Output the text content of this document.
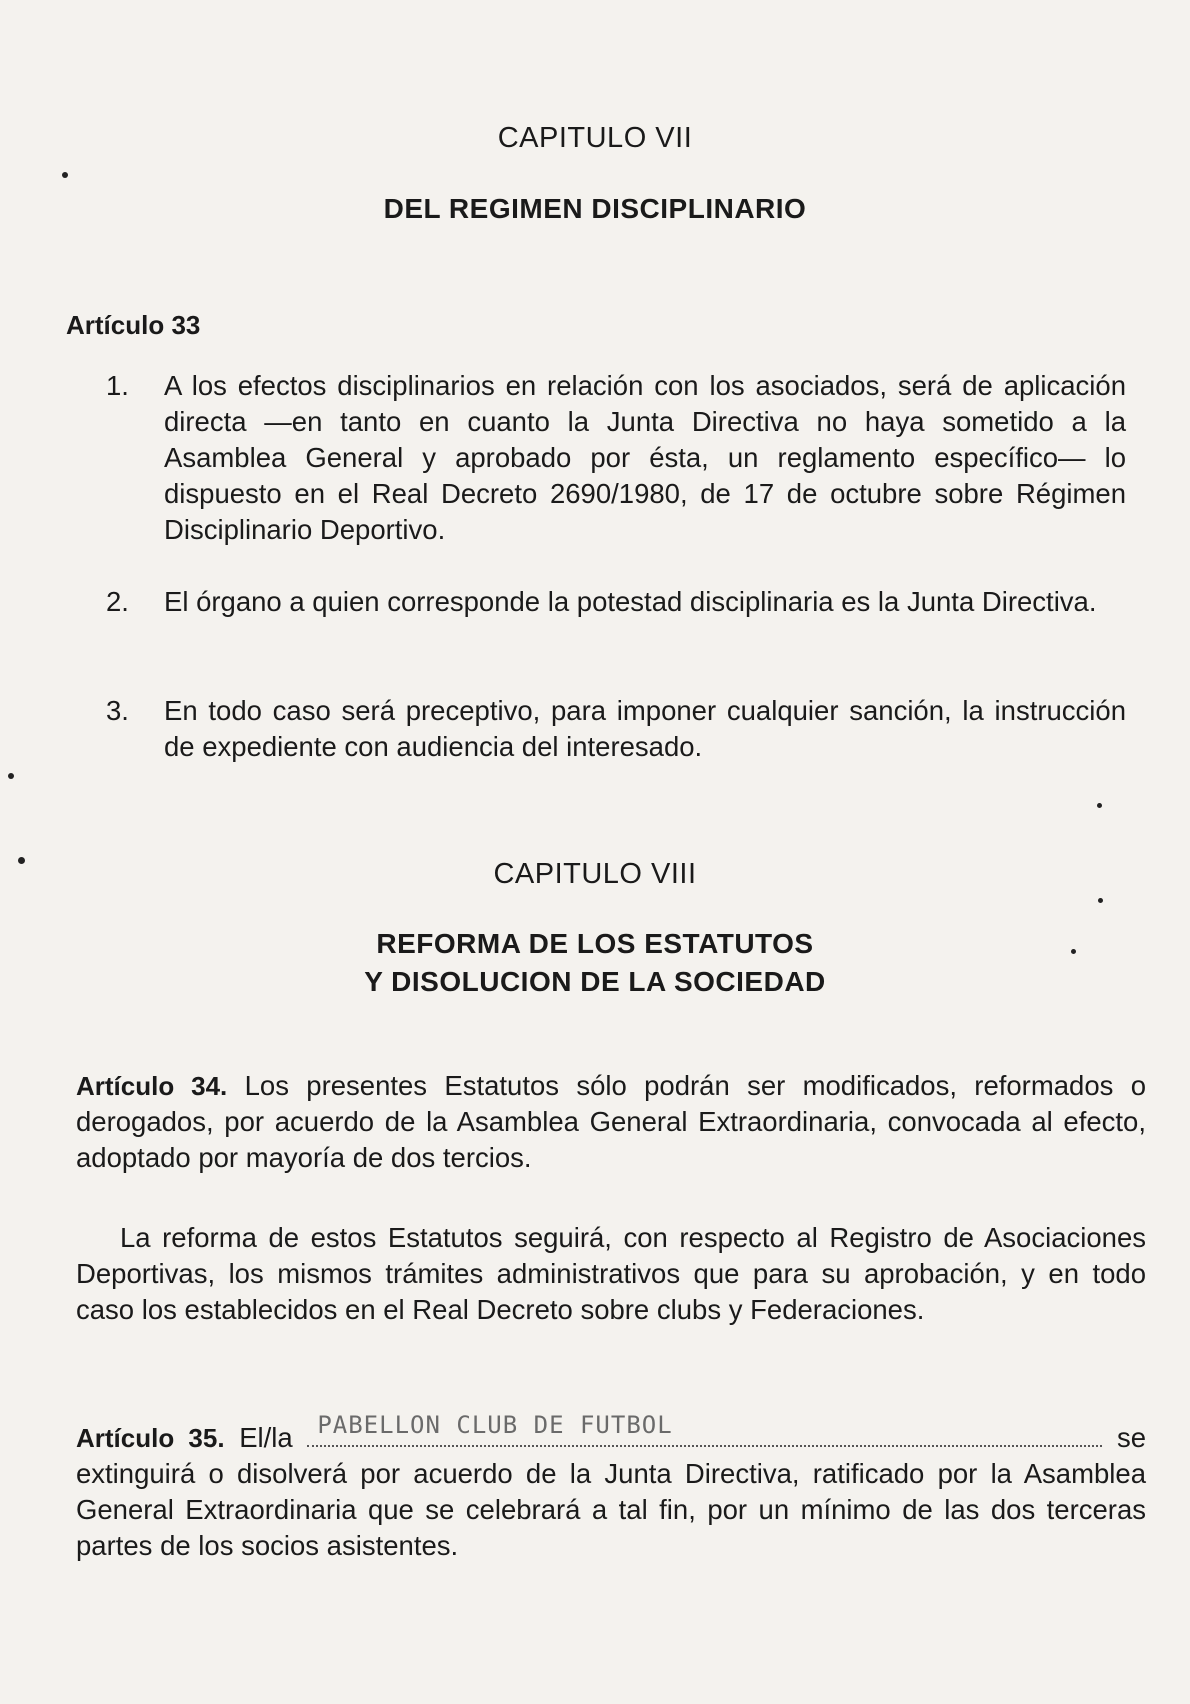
CAPITULO VII
DEL REGIMEN DISCIPLINARIO
Artículo 33
1.	A los efectos disciplinarios en relación con los asociados, será de aplicación directa —en tanto en cuanto la Junta Directiva no haya sometido a la Asamblea General y aprobado por ésta, un reglamento específico— lo dispuesto en el Real Decreto 2690/1980, de 17 de octubre sobre Régimen Disciplinario Deportivo.
2.	El órgano a quien corresponde la potestad disciplinaria es la Junta Directiva.
3.	En todo caso será preceptivo, para imponer cualquier sanción, la instrucción de expediente con audiencia del interesado.
CAPITULO VIII
REFORMA DE LOS ESTATUTOS
Y DISOLUCION DE LA SOCIEDAD
Artículo 34. Los presentes Estatutos sólo podrán ser modificados, reformados o derogados, por acuerdo de la Asamblea General Extraordinaria, convocada al efecto, adoptado por mayoría de dos tercios.
La reforma de estos Estatutos seguirá, con respecto al Registro de Asociaciones Deportivas, los mismos trámites administrativos que para su aprobación, y en todo caso los establecidos en el Real Decreto sobre clubs y Federaciones.
Artículo 35. El/la PABELLON CLUB DE FUTBOL	se extinguirá o disolverá por acuerdo de la Junta Directiva, ratificado por la Asamblea General Extraordinaria que se celebrará a tal fin, por un mínimo de las dos terceras partes de los socios asistentes.
